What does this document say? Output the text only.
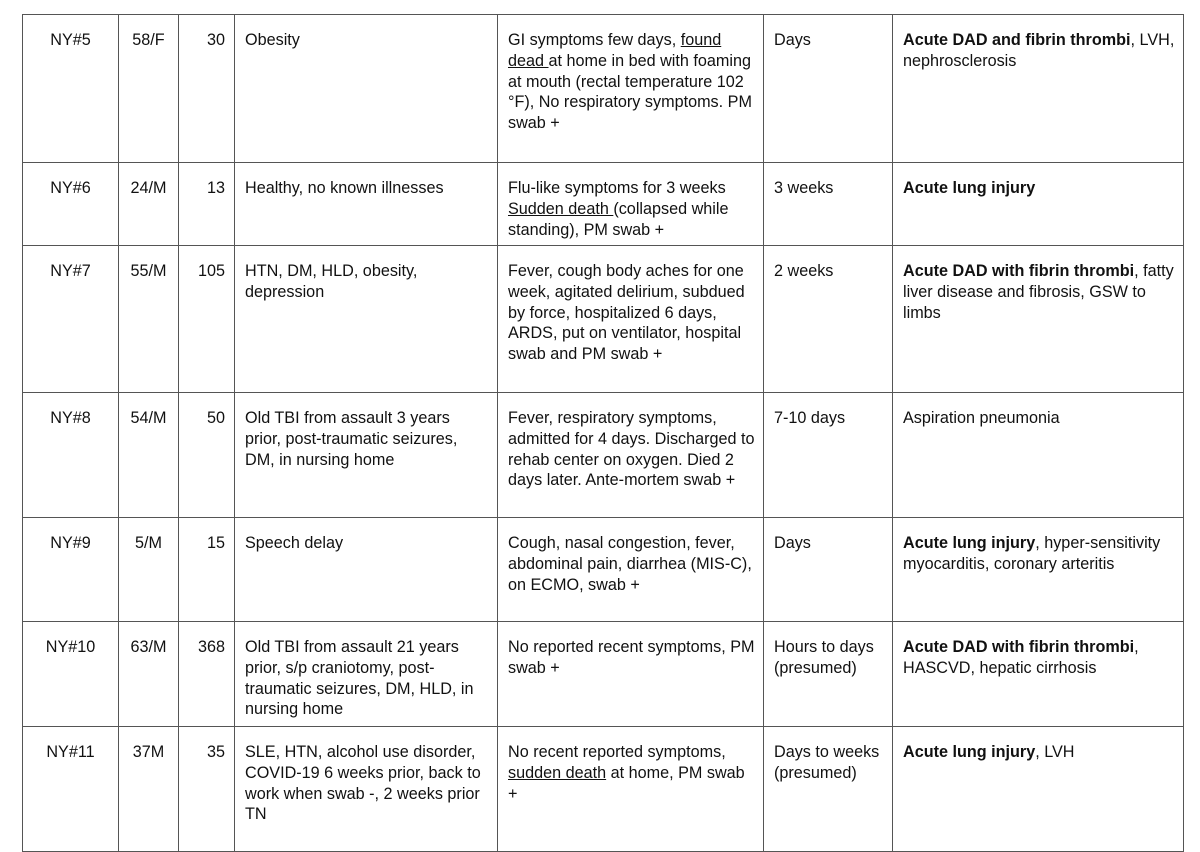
NY#5	58/F	30	Obesity	GI symptoms few days, found dead at home in bed with foaming at mouth (rectal temperature 102 °F), No respiratory symptoms. PM swab +	Days	Acute DAD and fibrin thrombi, LVH, nephrosclerosis
NY#6	24/M	13	Healthy, no known illnesses	Flu-like symptoms for 3 weeks Sudden death (collapsed while standing), PM swab +	3 weeks	Acute lung injury
NY#7	55/M	105	HTN, DM, HLD, obesity, depression	Fever, cough body aches for one week, agitated delirium, subdued by force, hospitalized 6 days, ARDS, put on ventilator, hospital swab and PM swab +	2 weeks	Acute DAD with fibrin thrombi, fatty liver disease and fibrosis, GSW to limbs
NY#8	54/M	50	Old TBI from assault 3 years prior, post-traumatic seizures, DM, in nursing home	Fever, respiratory symptoms, admitted for 4 days. Discharged to rehab center on oxygen. Died 2 days later. Ante-mortem swab +	7-10 days	Aspiration pneumonia
NY#9	5/M	15	Speech delay	Cough, nasal congestion, fever, abdominal pain, diarrhea (MIS-C), on ECMO, swab +	Days	Acute lung injury, hyper-sensitivity myocarditis, coronary arteritis
NY#10	63/M	368	Old TBI from assault 21 years prior, s/p craniotomy, post-traumatic seizures, DM, HLD, in nursing home	No reported recent symptoms, PM swab +	Hours to days (presumed)	Acute DAD with fibrin thrombi, HASCVD, hepatic cirrhosis
NY#11	37M	35	SLE, HTN, alcohol use disorder, COVID-19 6 weeks prior, back to work when swab -, 2 weeks prior TN	No recent reported symptoms, sudden death at home, PM swab +	Days to weeks (presumed)	Acute lung injury, LVH
